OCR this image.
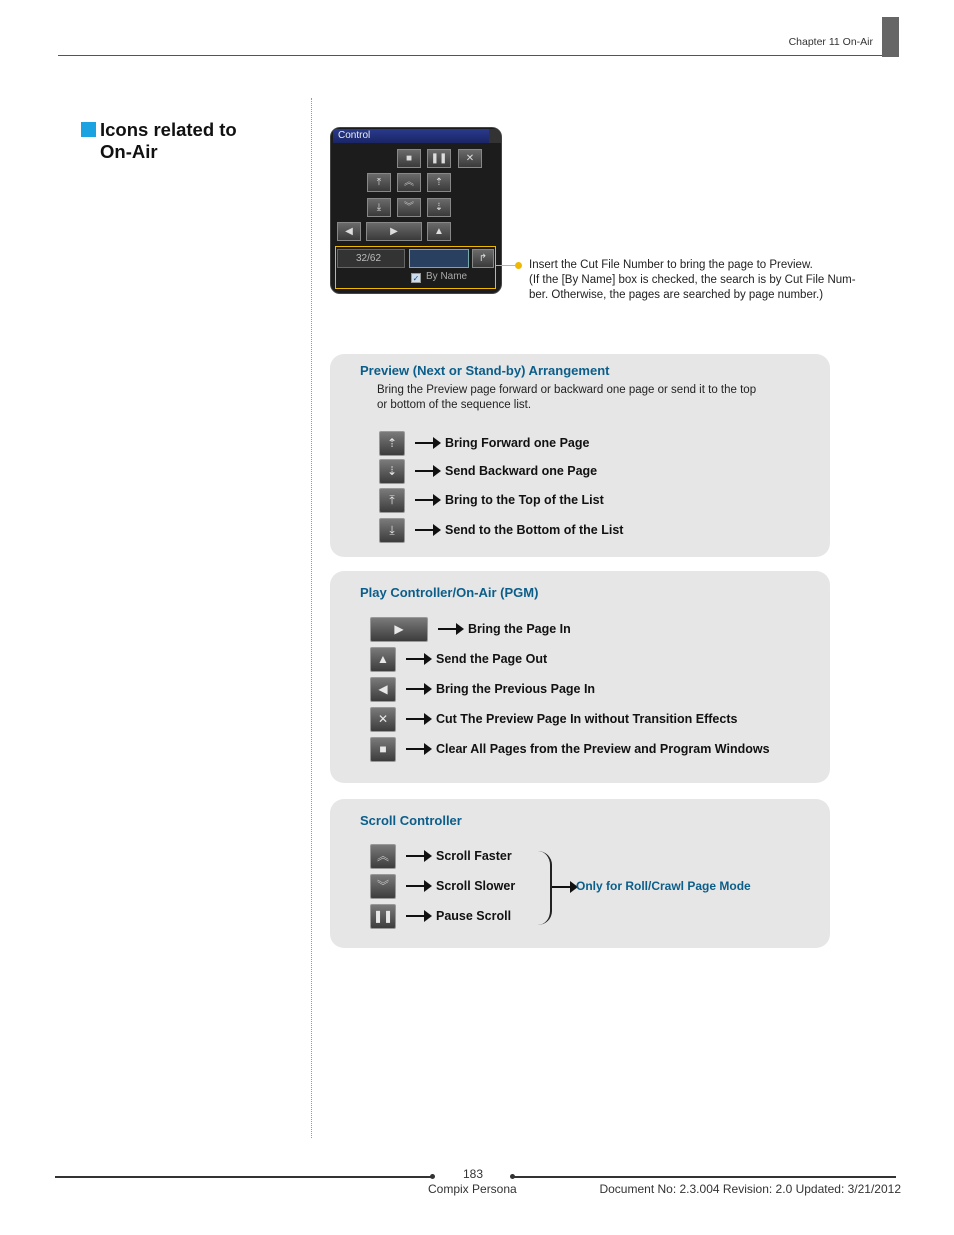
Chapter 11 On-Air
Icons related to
On-Air
Control
■ ❚❚ ✕
⤒ ︽ ⇡
⤓ ︾ ⇣
◀	▶	▲
32/62	↱
✓ By Name
Insert the Cut File Number to bring the page to Preview.
(If the [By Name] box is checked, the search is by Cut File Num-
ber. Otherwise, the pages are searched by page number.)
Preview (Next or Stand-by) Arrangement
Bring the Preview page forward or backward one page or send it to the top
or bottom of the sequence list.
⇡	Bring Forward one Page
⇣	Send Backward one Page
⤒	Bring to the Top of the List
⤓	Send to the Bottom of the List
Play Controller/On-Air (PGM)
▶	Bring the Page In
▲	Send the Page Out
◀	Bring the Previous Page In
✕	Cut The Preview Page In without Transition Effects
■	Clear All Pages from the Preview and Program Windows
Scroll Controller
︽	Scroll Faster
︾	Scroll Slower
❚❚	Pause Scroll
Only for Roll/Crawl Page Mode
183
Compix Persona	Document No: 2.3.004 Revision: 2.0 Updated: 3/21/2012
